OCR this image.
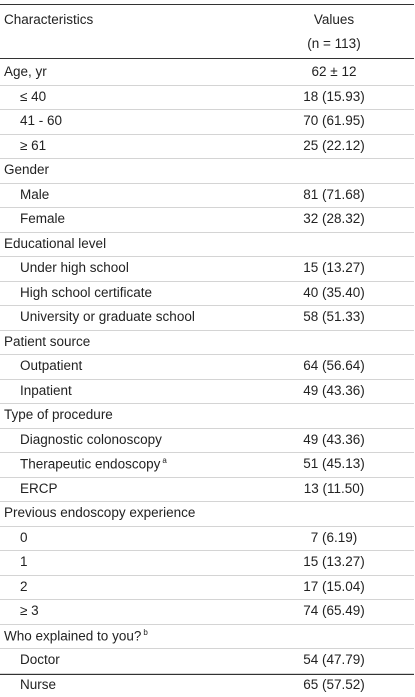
Characteristics	Values
(n = 113)
Age, yr	62 ± 12
≤ 40	18 (15.93)
41 - 60	70 (61.95)
≥ 61	25 (22.12)
Gender
Male	81 (71.68)
Female	32 (28.32)
Educational level
Under high school	15 (13.27)
High school certificate	40 (35.40)
University or graduate school	58 (51.33)
Patient source
Outpatient	64 (56.64)
Inpatient	49 (43.36)
Type of procedure
Diagnostic colonoscopy	49 (43.36)
Therapeutic endoscopy $^a$	51 (45.13)
ERCP	13 (11.50)
Previous endoscopy experience
0	7 (6.19)
1	15 (13.27)
2	17 (15.04)
≥ 3	74 (65.49)
Who explained to you? $^b$
Doctor	54 (47.79)
Nurse	65 (57.52)
